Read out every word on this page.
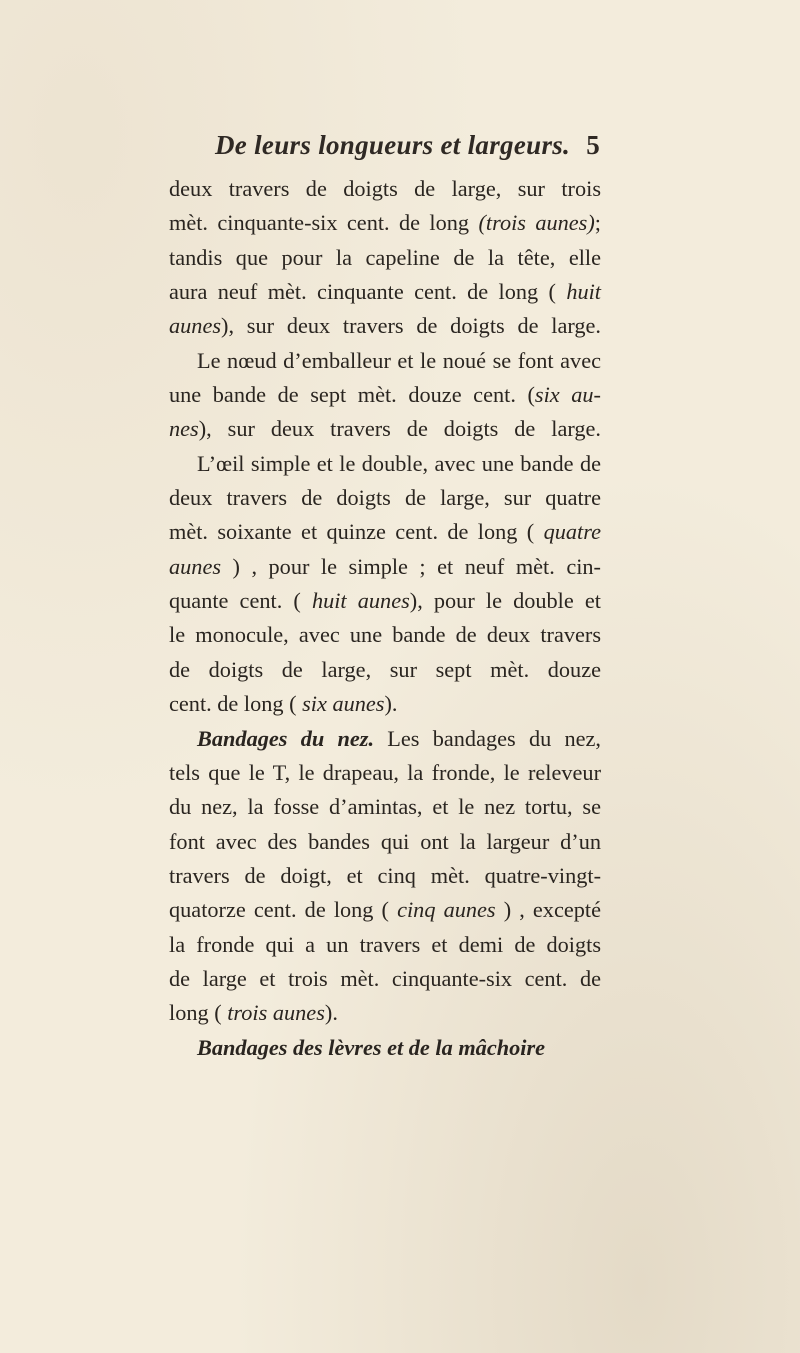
De leurs longueurs et largeurs. 5
deux travers de doigts de large, sur trois
mèt. cinquante-six cent. de long (trois aunes);
tandis que pour la capeline de la tête, elle
aura neuf mèt. cinquante cent. de long ( huit
aunes), sur deux travers de doigts de large.
Le nœud d’emballeur et le noué se font avec
une bande de sept mèt. douze cent. (six au-
nes), sur deux travers de doigts de large.
L’œil simple et le double, avec une bande de
deux travers de doigts de large, sur quatre
mèt. soixante et quinze cent. de long ( quatre
aunes ) , pour le simple ; et neuf mèt. cin-
quante cent. ( huit aunes), pour le double et
le monocule, avec une bande de deux travers
de doigts de large, sur sept mèt. douze
cent. de long ( six aunes).
Bandages du nez. Les bandages du nez,
tels que le T, le drapeau, la fronde, le releveur
du nez, la fosse d’amintas, et le nez tortu, se
font avec des bandes qui ont la largeur d’un
travers de doigt, et cinq mèt. quatre-vingt-
quatorze cent. de long ( cinq aunes ) , excepté
la fronde qui a un travers et demi de doigts
de large et trois mèt. cinquante-six cent. de
long ( trois aunes).
Bandages des lèvres et de la mâchoire
